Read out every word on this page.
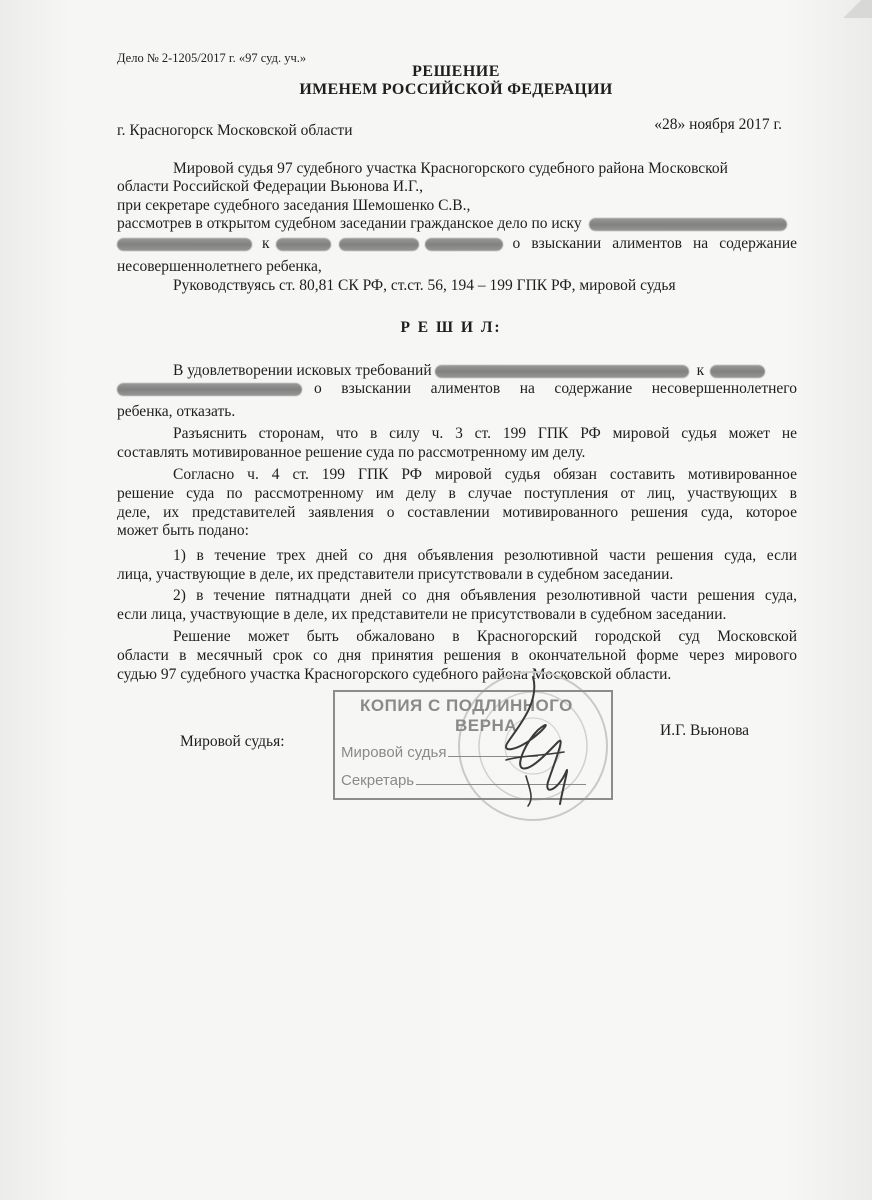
Дело № 2-1205/2017 г. «97 суд. уч.»
РЕШЕНИЕ
ИМЕНЕМ РОССИЙСКОЙ ФЕДЕРАЦИИ
г. Красногорск Московской области	«28» ноября 2017 г.
Мировой судья 97 судебного участка Красногорского судебного района Московской
области Российской Федерации Вьюнова И.Г.,
при секретаре судебного заседания Шемошенко С.В.,
рассмотрев в открытом судебном заседании гражданское дело по иску
к	о взыскании алиментов на содержание
несовершеннолетнего ребенка,
Руководствуясь ст. 80,81 СК РФ, ст.ст. 56, 194 – 199 ГПК РФ, мировой судья
Р Е Ш И Л:
В удовлетворении исковых требований	к
о взыскании алиментов на содержание несовершеннолетнего
ребенка, отказать.
Разъяснить сторонам, что в силу ч. 3 ст. 199 ГПК РФ мировой судья может не
составлять мотивированное решение суда по рассмотренному им делу.
Согласно ч. 4 ст. 199 ГПК РФ мировой судья обязан составить мотивированное
решение суда по рассмотренному им делу в случае поступления от лиц, участвующих в
деле, их представителей заявления о составлении мотивированного решения суда, которое
может быть подано:
1) в течение трех дней со дня объявления резолютивной части решения суда, если
лица, участвующие в деле, их представители присутствовали в судебном заседании.
2) в течение пятнадцати дней со дня объявления резолютивной части решения суда,
если лица, участвующие в деле, их представители не присутствовали в судебном заседании.
Решение может быть обжаловано в Красногорский городской суд Московской
области в месячный срок со дня принятия решения в окончательной форме через мирового
судью 97 судебного участка Красногорского судебного района Московской области.
КОПИЯ С ПОДЛИННОГО
ВЕРНА
Мировой судья
Секретарь
Мировой судья:
И.Г. Вьюнова
